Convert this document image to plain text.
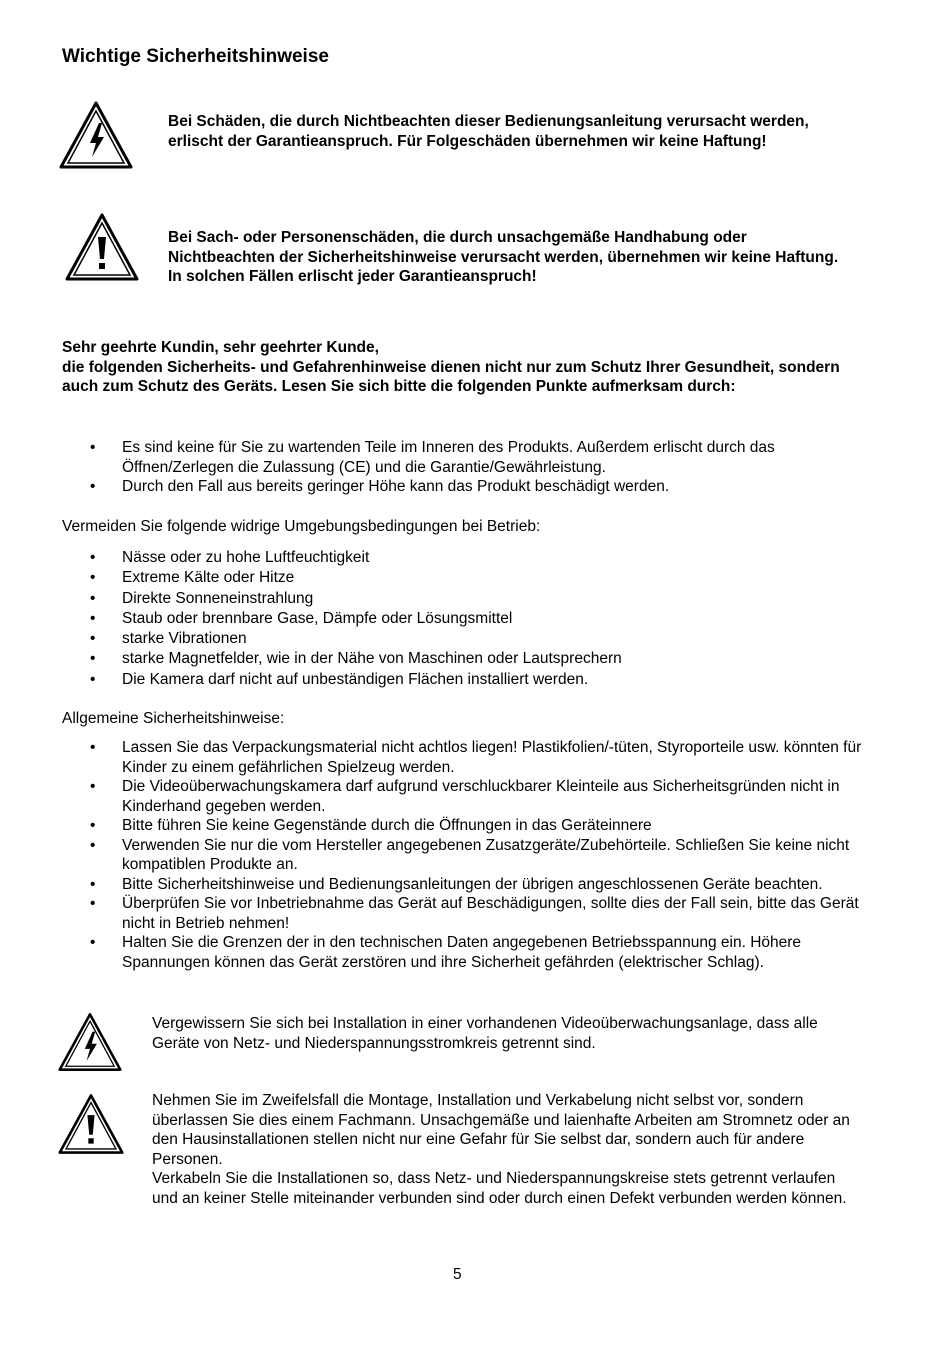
Wichtige Sicherheitshinweise
Bei Schäden, die durch Nichtbeachten dieser Bedienungsanleitung verursacht werden, erlischt der Garantieanspruch. Für Folgeschäden übernehmen wir keine Haftung!
Bei Sach- oder Personenschäden, die durch unsachgemäße Handhabung oder Nichtbeachten der Sicherheitshinweise verursacht werden, übernehmen wir keine Haftung. In solchen Fällen erlischt jeder Garantieanspruch!
Sehr geehrte Kundin, sehr geehrter Kunde,
die folgenden Sicherheits- und Gefahrenhinweise dienen nicht nur zum Schutz Ihrer Gesundheit, sondern auch zum Schutz des Geräts. Lesen Sie sich bitte die folgenden Punkte aufmerksam durch:
• Es sind keine für Sie zu wartenden Teile im Inneren des Produkts. Außerdem erlischt durch das Öffnen/Zerlegen die Zulassung (CE) und die Garantie/Gewährleistung.
• Durch den Fall aus bereits geringer Höhe kann das Produkt beschädigt werden.
Vermeiden Sie folgende widrige Umgebungsbedingungen bei Betrieb:
• Nässe oder zu hohe Luftfeuchtigkeit
• Extreme Kälte oder Hitze
• Direkte Sonneneinstrahlung
• Staub oder brennbare Gase, Dämpfe oder Lösungsmittel
• starke Vibrationen
• starke Magnetfelder, wie in der Nähe von Maschinen oder Lautsprechern
• Die Kamera darf nicht auf unbeständigen Flächen installiert werden.
Allgemeine Sicherheitshinweise:
• Lassen Sie das Verpackungsmaterial nicht achtlos liegen! Plastikfolien/-tüten, Styroporteile usw. könnten für Kinder zu einem gefährlichen Spielzeug werden.
• Die Videoüberwachungskamera darf aufgrund verschluckbarer Kleinteile aus Sicherheitsgründen nicht in Kinderhand gegeben werden.
• Bitte führen Sie keine Gegenstände durch die Öffnungen in das Geräteinnere
• Verwenden Sie nur die vom Hersteller angegebenen Zusatzgeräte/Zubehörteile. Schließen Sie keine nicht kompatiblen Produkte an.
• Bitte Sicherheitshinweise und Bedienungsanleitungen der übrigen angeschlossenen Geräte beachten.
• Überprüfen Sie vor Inbetriebnahme das Gerät auf Beschädigungen, sollte dies der Fall sein, bitte das Gerät nicht in Betrieb nehmen!
• Halten Sie die Grenzen der in den technischen Daten angegebenen Betriebsspannung ein. Höhere Spannungen können das Gerät zerstören und ihre Sicherheit gefährden (elektrischer Schlag).
Vergewissern Sie sich bei Installation in einer vorhandenen Videoüberwachungsanlage, dass alle Geräte von Netz- und Niederspannungsstromkreis getrennt sind.
Nehmen Sie im Zweifelsfall die Montage, Installation und Verkabelung nicht selbst vor, sondern überlassen Sie dies einem Fachmann. Unsachgemäße und laienhafte Arbeiten am Stromnetz oder an den Hausinstallationen stellen nicht nur eine Gefahr für Sie selbst dar, sondern auch für andere Personen.
Verkabeln Sie die Installationen so, dass Netz- und Niederspannungskreise stets getrennt verlaufen und an keiner Stelle miteinander verbunden sind oder durch einen Defekt verbunden werden können.
5
